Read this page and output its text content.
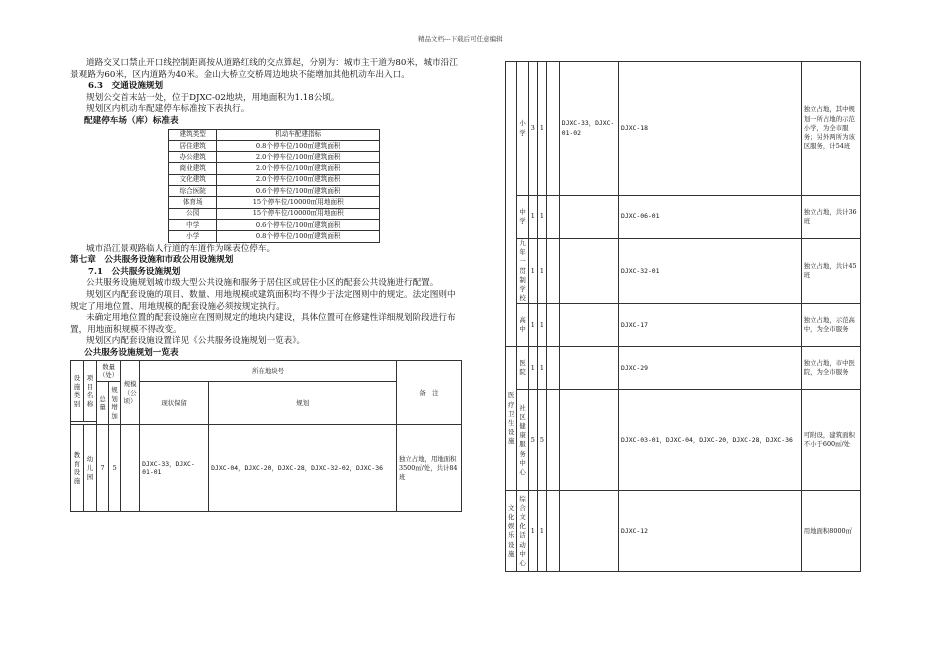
精品文档---下载后可任意编辑

道路交叉口禁止开口线控制距离按从道路红线的交点算起，分别为：城市主干道为80米，城市沿江景观路为60米，区内道路为40米。金山大桥立交桥周边地块不能增加其他机动车出入口。

6.3　交通设施规划

规划公交首末站一处，位于DJXC-02地块，用地面积为1.18公顷。

规划区内机动车配建停车标准按下表执行。

配建停车场（库）标准表

建筑类型	机动车配建指标
居住建筑	0.8个停车位/100㎡建筑面积
办公建筑	2.0个停车位/100㎡建筑面积
商业建筑	2.0个停车位/100㎡建筑面积
文化建筑	2.0个停车位/100㎡建筑面积
综合医院	0.6个停车位/100㎡建筑面积
体育场	15个停车位/10000㎡用地面积
公园	15个停车位/10000㎡用地面积
中学	0.6个停车位/100㎡建筑面积
小学	0.8个停车位/100㎡建筑面积

城市沿江景观路临人行道的车道作为咪表位停车。

第七章　公共服务设施和市政公用设施规划

7.1　公共服务设施规划

公共服务设施规划城市级大型公共设施和服务于居住区或居住小区的配套公共设施进行配置。

规划区内配套设施的项目、数量、用地规模或建筑面积均不得少于法定图则中的规定。法定图则中规定了用地位置、用地规模的配套设施必须按规定执行。

未确定用地位置的配套设施应在图则规定的地块内建设，具体位置可在修建性详细规划阶段进行布置，用地面积规模不得改变。

规划区内配套设施设置详见《公共服务设施规划一览表》。

公共服务设施规划一览表

设施类别	项目名称	数量（处）		规模（公顷）	所在地块号		备　注
		总量	规划增加		现状保留	规划	

教育设施	幼儿园	7	5		DJXC-33，DJXC-01-01	DJXC-04，DJXC-20，DJXC-28，DJXC-32-02，DJXC-36	独立占地，用地面积3500㎡/处，共计84班
	小学	3	1		DJXC-33，DJXC-01-02	DJXC-18	独立占地，其中规划一所占地的示范小学，为全市服务；另外两所为该区服务，计54班
	中学	1	1			DJXC-06-01	独立占地，共计36班
	九年一贯制学校	1	1			DJXC-32-01	独立占地，共计45班
	高中	1	1			DJXC-17	独立占地，示范高中，为全市服务
医疗卫生设施	医院	1	1			DJXC-29	独立占地，市中医院，为全市服务
	社区健康服务中心	5	5			DJXC-03-01，DJXC-04，DJXC-20，DJXC-28，DJXC-36	可附设，建筑面积不小于600㎡/处
文化娱乐设施	综合文化活动中心	1	1			DJXC-12	用地面积8000㎡
